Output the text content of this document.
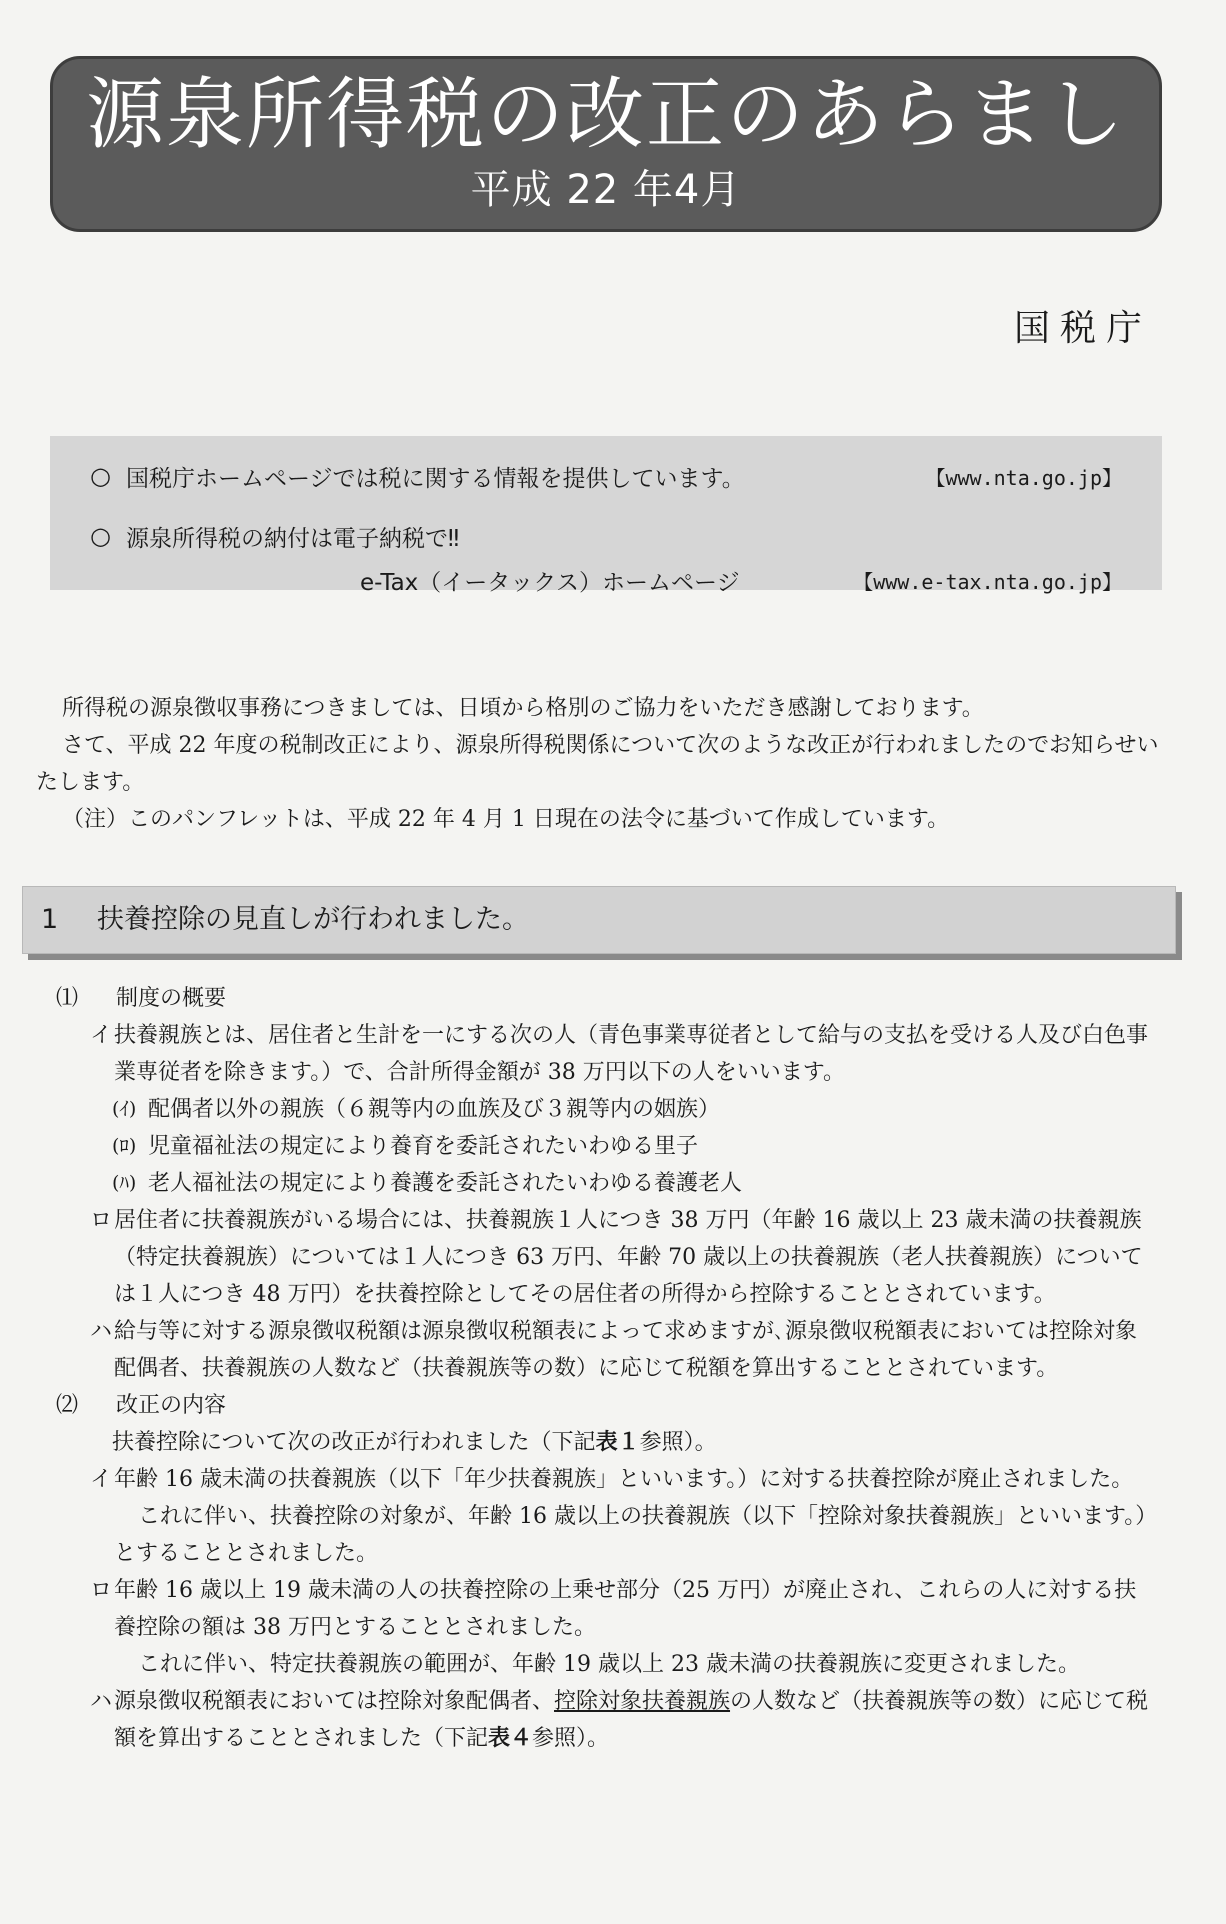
源泉所得税の改正のあらまし
平成 22 年4月
国税庁
○ 国税庁ホームページでは税に関する情報を提供しています。	【www.nta.go.jp】
○ 源泉所得税の納付は電子納税で‼
e-Tax（イータックス）ホームページ	【www.e-tax.nta.go.jp】

所得税の源泉徴収事務につきましては、日頃から格別のご協力をいただき感謝しております。

さて、平成 22 年度の税制改正により、源泉所得税関係について次のような改正が行われましたのでお知らせいたします。

（注）このパンフレットは、平成 22 年 4 月 1 日現在の法令に基づいて作成しています。

1 扶養控除の見直しが行われました。

⑴ 制度の概要

イ 扶養親族とは、居住者と生計を一にする次の人（青色事業専従者として給与の支払を受ける人及び白色事業専従者を除きます。）で、合計所得金額が 38 万円以下の人をいいます。

(ｲ) 配偶者以外の親族（６親等内の血族及び３親等内の姻族）

(ﾛ) 児童福祉法の規定により養育を委託されたいわゆる里子

(ﾊ) 老人福祉法の規定により養護を委託されたいわゆる養護老人

ロ 居住者に扶養親族がいる場合には、扶養親族１人につき 38 万円（年齢 16 歳以上 23 歳未満の扶養親族（特定扶養親族）については１人につき 63 万円、年齢 70 歳以上の扶養親族（老人扶養親族）については１人につき 48 万円）を扶養控除としてその居住者の所得から控除することとされています。

ハ 給与等に対する源泉徴収税額は源泉徴収税額表によって求めますが､源泉徴収税額表においては控除対象配偶者、扶養親族の人数など（扶養親族等の数）に応じて税額を算出することとされています。

⑵ 改正の内容

扶養控除について次の改正が行われました（下記表１参照）。

イ 年齢 16 歳未満の扶養親族（以下「年少扶養親族」といいます。）に対する扶養控除が廃止されました。

これに伴い、扶養控除の対象が、年齢 16 歳以上の扶養親族（以下「控除対象扶養親族」といいます。）とすることとされました。

ロ 年齢 16 歳以上 19 歳未満の人の扶養控除の上乗せ部分（25 万円）が廃止され、これらの人に対する扶養控除の額は 38 万円とすることとされました。

これに伴い、特定扶養親族の範囲が、年齢 19 歳以上 23 歳未満の扶養親族に変更されました。

ハ 源泉徴収税額表においては控除対象配偶者、控除対象扶養親族の人数など（扶養親族等の数）に応じて税額を算出することとされました（下記表４参照）。
